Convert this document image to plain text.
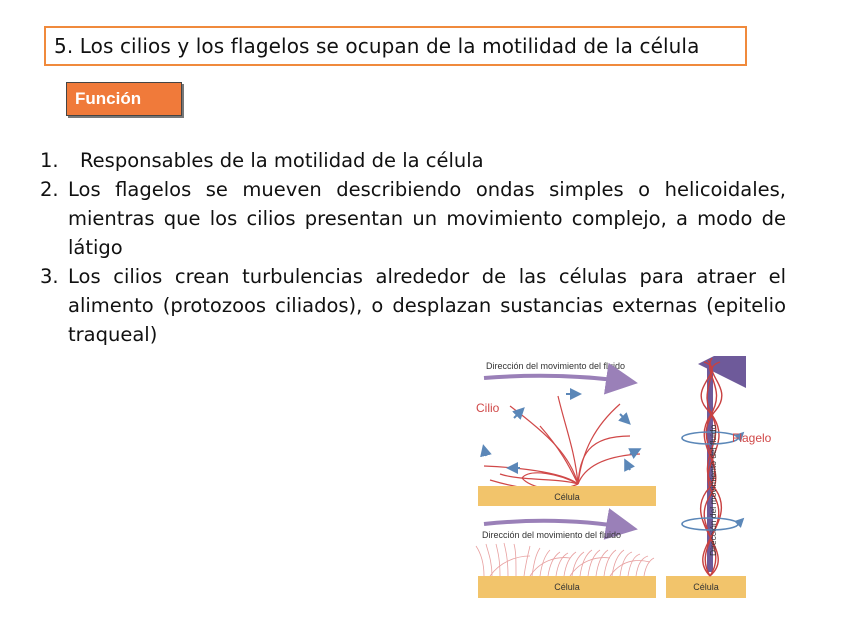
5. Los cilios y los flagelos se ocupan de la motilidad de la célula
Función
1. Responsables de la motilidad de la célula
2. Los flagelos se mueven describiendo ondas simples o helicoidales, mientras que los cilios presentan un movimiento complejo, a modo de látigo
3. Los cilios crean turbulencias alrededor de las células para atraer el alimento (protozoos ciliados), o desplazan sustancias externas (epitelio traqueal)
Dirección del movimiento del fluido
Cilio
Célula
Dirección del movimiento del fluido
Célula	Célula
Dirección del movimiento del fluido Flagelo
